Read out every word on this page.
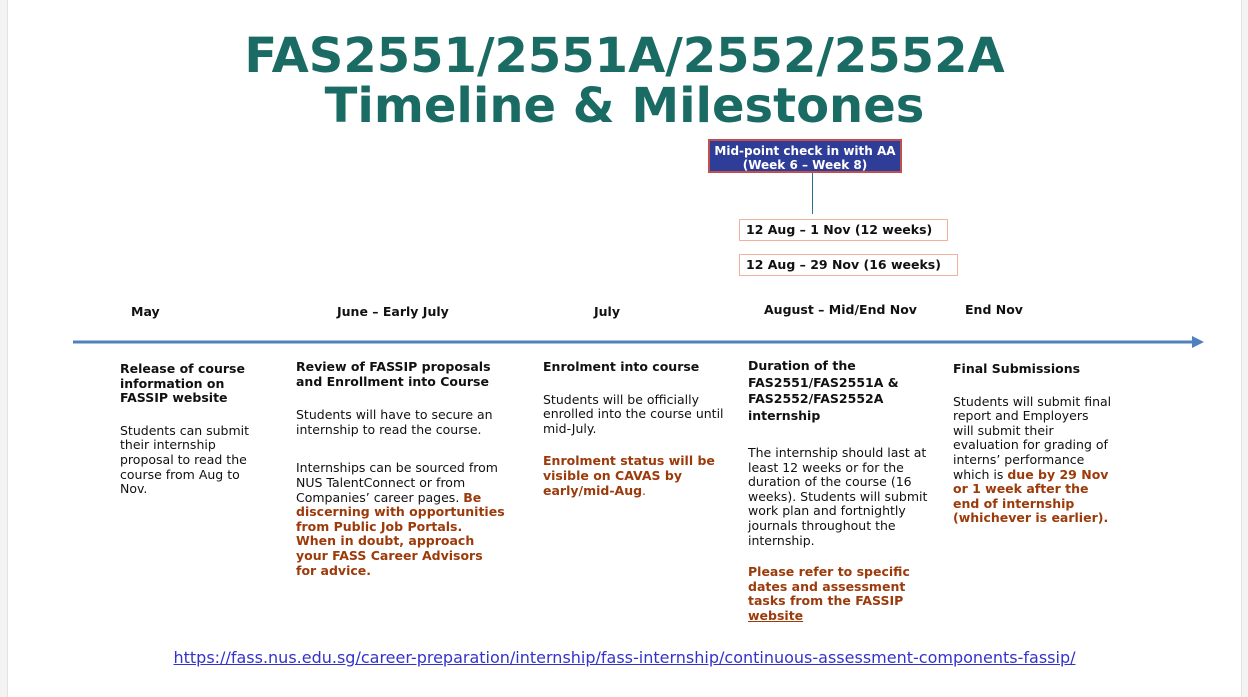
FAS2551/2551A/2552/2552A
Timeline & Milestones
Mid-point check in with AA
(Week 6 – Week 8)
12 Aug – 1 Nov (12 weeks)
12 Aug – 29 Nov (16 weeks)
May	June – Early July	July	August – Mid/End Nov	End Nov

Release of course information on FASSIP website

Students can submit their internship proposal to read the course from Aug to Nov.

Review of FASSIP proposals and Enrollment into Course

Students will have to secure an internship to read the course.

Internships can be sourced from NUS TalentConnect or from Companies’ career pages. Be discerning with opportunities from Public Job Portals. When in doubt, approach your FASS Career Advisors for advice.

Enrolment into course

Students will be officially enrolled into the course until mid-July.

Enrolment status will be visible on CAVAS by early/mid-Aug.

Duration of the FAS2551/FAS2551A & FAS2552/FAS2552A internship

The internship should last at least 12 weeks or for the duration of the course (16 weeks). Students will submit work plan and fortnightly journals throughout the internship.

Please refer to specific dates and assessment tasks from the FASSIP website

Final Submissions

Students will submit final report and Employers will submit their evaluation for grading of interns’ performance which is due by 29 Nov or 1 week after the end of internship (whichever is earlier).

https://fass.nus.edu.sg/career-preparation/internship/fass-internship/continuous-assessment-components-fassip/
